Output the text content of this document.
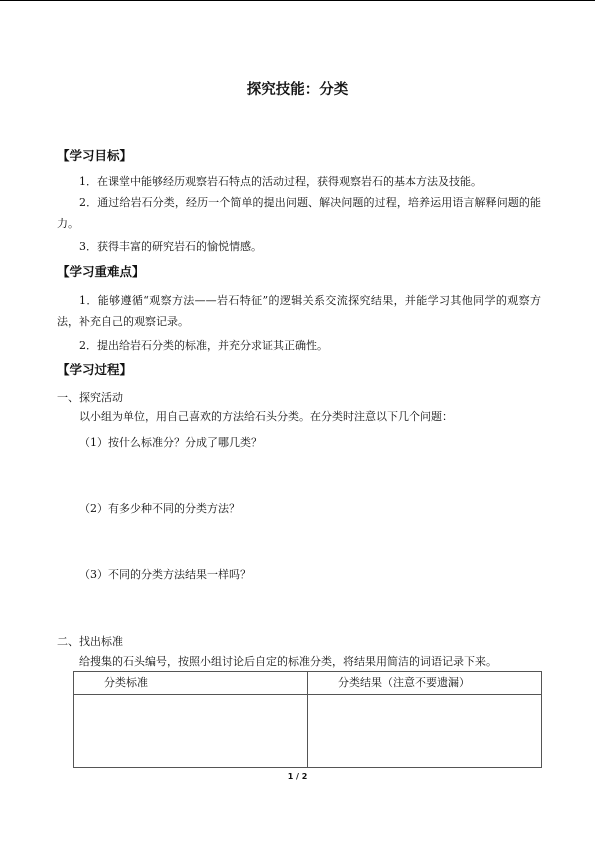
探究技能：分类
【学习目标】
1．在课堂中能够经历观察岩石特点的活动过程，获得观察岩石的基本方法及技能。
2．通过给岩石分类，经历一个简单的提出问题、解决问题的过程，培养运用语言解释问题的能力。
3．获得丰富的研究岩石的愉悦情感。
【学习重难点】
1．能够遵循“观察方法——岩石特征”的逻辑关系交流探究结果，并能学习其他同学的观察方法，补充自己的观察记录。
2．提出给岩石分类的标准，并充分求证其正确性。
【学习过程】
一、探究活动
以小组为单位，用自己喜欢的方法给石头分类。在分类时注意以下几个问题：
（1）按什么标准分？分成了哪几类？
（2）有多少种不同的分类方法？
（3）不同的分类方法结果一样吗？
二、找出标准
给搜集的石头编号，按照小组讨论后自定的标准分类，将结果用简洁的词语记录下来。
分类标准	分类结果（注意不要遗漏）

1 / 2
